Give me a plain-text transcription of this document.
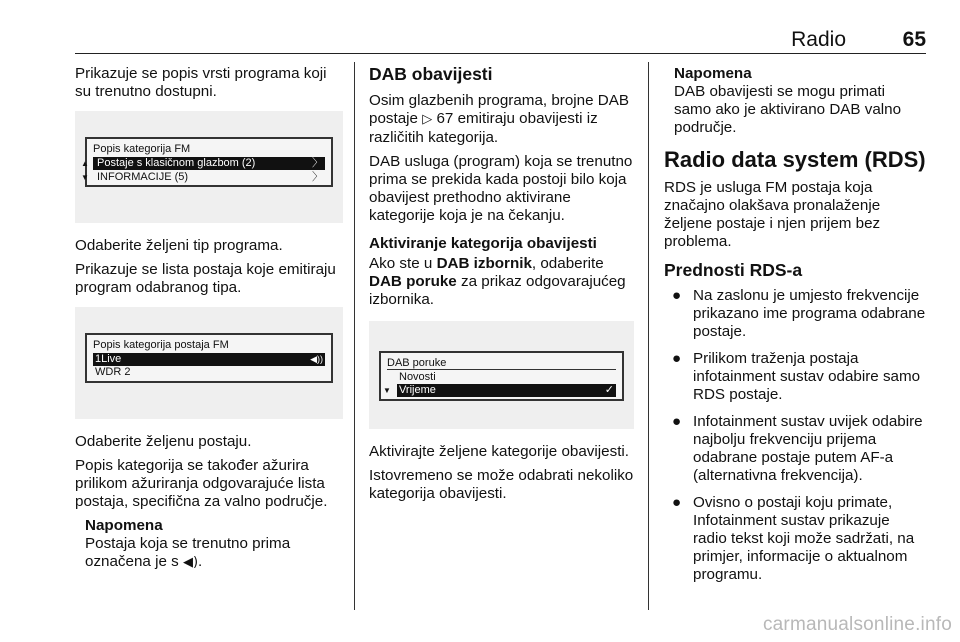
Radio	65

Prikazuje se popis vrsti programa koji su trenutno dostupni.

Popis kategorija FM
▲ Postaje s klasičnom glazbom (2)	〉
▼ INFORMACIJE (5)	〉

Odaberite željeni tip programa.

Prikazuje se lista postaja koje emitiraju program odabranog tipa.

Popis kategorija postaja FM
1Live	◀))
WDR 2

Odaberite željenu postaju.

Popis kategorija se također ažurira prilikom ažuriranja odgovarajuće lista postaja, specifična za valno područje.

Napomena
Postaja koja se trenutno prima označena je s ◀).
DAB obavijesti

Osim glazbenih programa, brojne DAB postaje ▷ 67 emitiraju obavijesti iz različitih kategorija.

DAB usluga (program) koja se trenutno prima se prekida kada postoji bilo koja obavijest prethodno aktivirane kategorije koja je na čekanju.

Aktiviranje kategorija obavijesti

Ako ste u DAB izbornik, odaberite DAB poruke za prikaz odgovarajućeg izbornika.

DAB poruke
Novosti
▼ Vrijeme	✓

Aktivirajte željene kategorije obavijesti.

Istovremeno se može odabrati nekoliko kategorija obavijesti.

Napomena
DAB obavijesti se mogu primati samo ako je aktivirano DAB valno područje.
Radio data system (RDS)

RDS je usluga FM postaja koja značajno olakšava pronalaženje željene postaje i njen prijem bez problema.

Prednosti RDS-a
● Na zaslonu je umjesto frekvencije prikazano ime programa odabrane postaje.
● Prilikom traženja postaja infotainment sustav odabire samo RDS postaje.
● Infotainment sustav uvijek odabire najbolju frekvenciju prijema odabrane postaje putem AF-a (alternativna frekvencija).
● Ovisno o postaji koju primate, Infotainment sustav prikazuje radio tekst koji može sadržati, na primjer, informacije o aktualnom programu.
carmanualsonline.info
